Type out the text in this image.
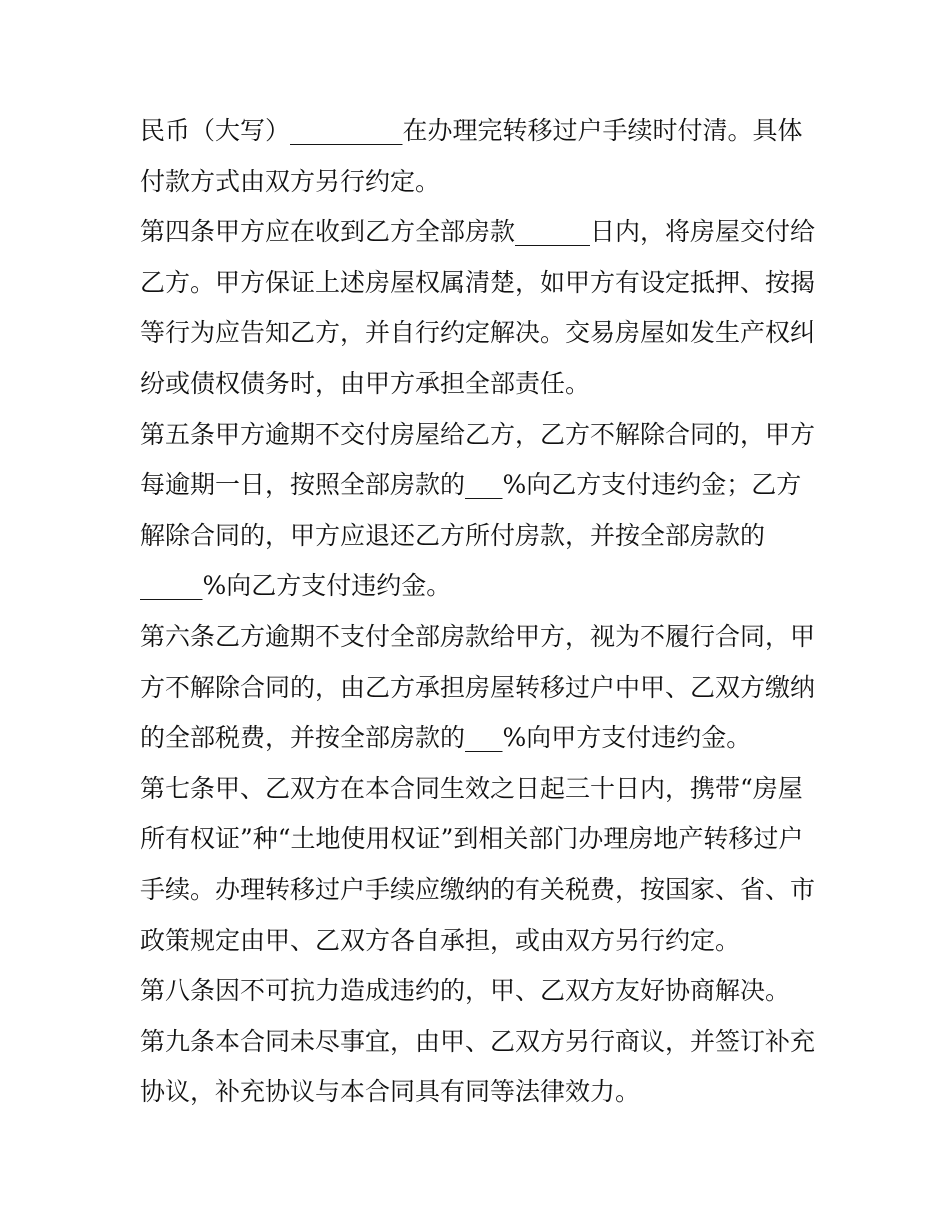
民币（大写）_________在办理完转移过户手续时付清。具体
付款方式由双方另行约定。
第四条甲方应在收到乙方全部房款______日内，将房屋交付给
乙方。甲方保证上述房屋权属清楚，如甲方有设定抵押、按揭
等行为应告知乙方，并自行约定解决。交易房屋如发生产权纠
纷或债权债务时，由甲方承担全部责任。
第五条甲方逾期不交付房屋给乙方，乙方不解除合同的，甲方
每逾期一日，按照全部房款的___%向乙方支付违约金；乙方
解除合同的，甲方应退还乙方所付房款，并按全部房款的
_____%向乙方支付违约金。
第六条乙方逾期不支付全部房款给甲方，视为不履行合同，甲
方不解除合同的，由乙方承担房屋转移过户中甲、乙双方缴纳
的全部税费，并按全部房款的___%向甲方支付违约金。
第七条甲、乙双方在本合同生效之日起三十日内，携带“房屋
所有权证”种“土地使用权证”到相关部门办理房地产转移过户
手续。办理转移过户手续应缴纳的有关税费，按国家、省、市
政策规定由甲、乙双方各自承担，或由双方另行约定。
第八条因不可抗力造成违约的，甲、乙双方友好协商解决。
第九条本合同未尽事宜，由甲、乙双方另行商议，并签订补充
协议，补充协议与本合同具有同等法律效力。
